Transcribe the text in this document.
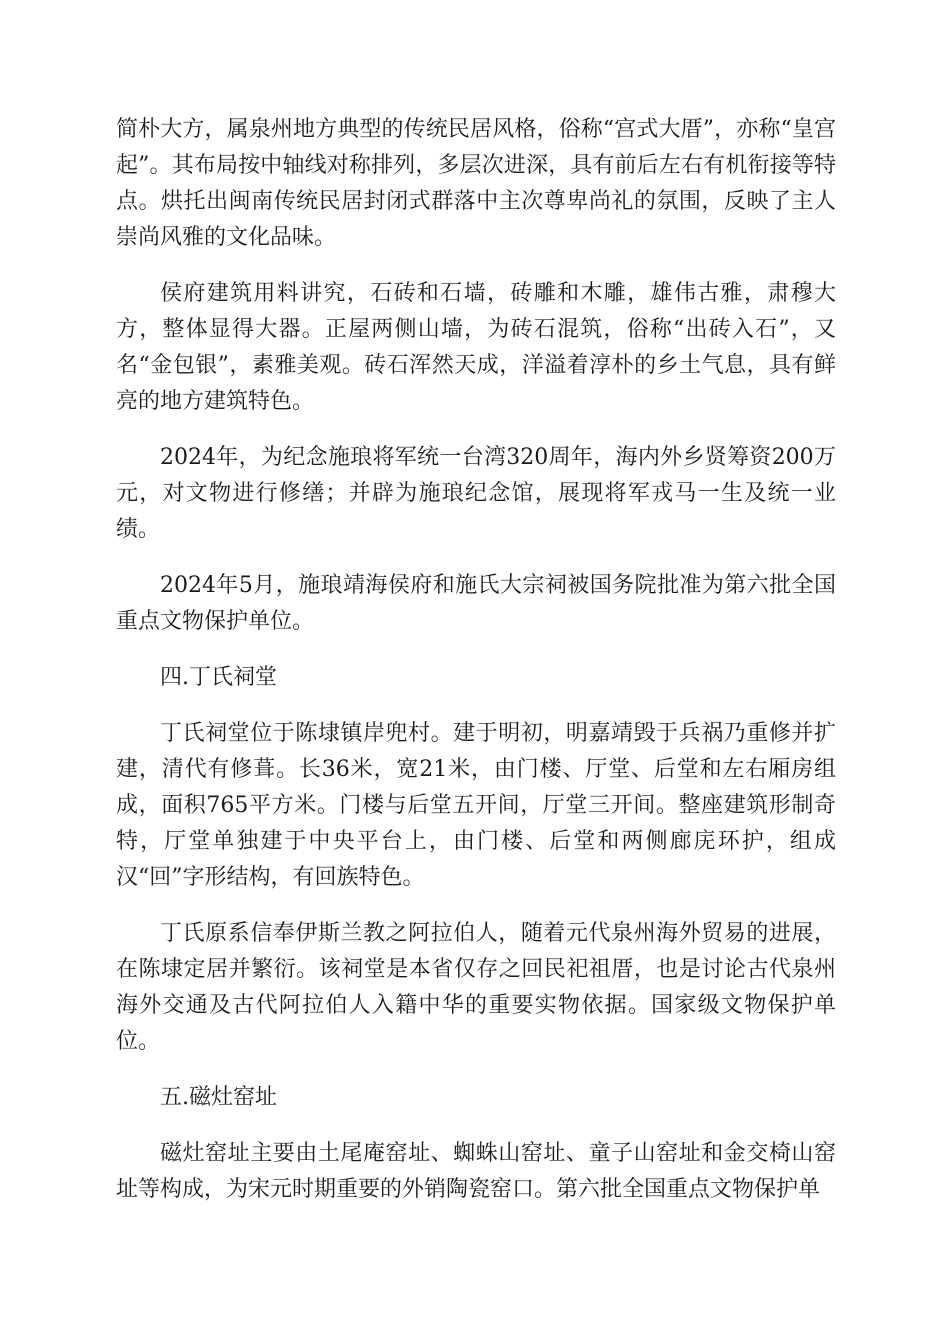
简朴大方，属泉州地方典型的传统民居风格，俗称“宫式大厝”，亦称“皇宫起”。其布局按中轴线对称排列，多层次进深，具有前后左右有机衔接等特点。烘托出闽南传统民居封闭式群落中主次尊卑尚礼的氛围，反映了主人崇尚风雅的文化品味。

侯府建筑用料讲究，石砖和石墙，砖雕和木雕，雄伟古雅，肃穆大方，整体显得大器。正屋两侧山墙，为砖石混筑，俗称“出砖入石”，又名“金包银”，素雅美观。砖石浑然天成，洋溢着淳朴的乡土气息，具有鲜亮的地方建筑特色。

2024年，为纪念施琅将军统一台湾320周年，海内外乡贤筹资200万元，对文物进行修缮；并辟为施琅纪念馆，展现将军戎马一生及统一业绩。

2024年5月，施琅靖海侯府和施氏大宗祠被国务院批准为第六批全国重点文物保护单位。

四.丁氏祠堂

丁氏祠堂位于陈埭镇岸兜村。建于明初，明嘉靖毁于兵祸乃重修并扩建，清代有修葺。长36米，宽21米，由门楼、厅堂、后堂和左右厢房组成，面积765平方米。门楼与后堂五开间，厅堂三开间。整座建筑形制奇特，厅堂单独建于中央平台上，由门楼、后堂和两侧廊庑环护，组成汉“回”字形结构，有回族特色。

丁氏原系信奉伊斯兰教之阿拉伯人，随着元代泉州海外贸易的进展，在陈埭定居并繁衍。该祠堂是本省仅存之回民祀祖厝，也是讨论古代泉州海外交通及古代阿拉伯人入籍中华的重要实物依据。国家级文物保护单位。

五.磁灶窑址

磁灶窑址主要由土尾庵窑址、蜘蛛山窑址、童子山窑址和金交椅山窑址等构成，为宋元时期重要的外销陶瓷窑口。第六批全国重点文物保护单
